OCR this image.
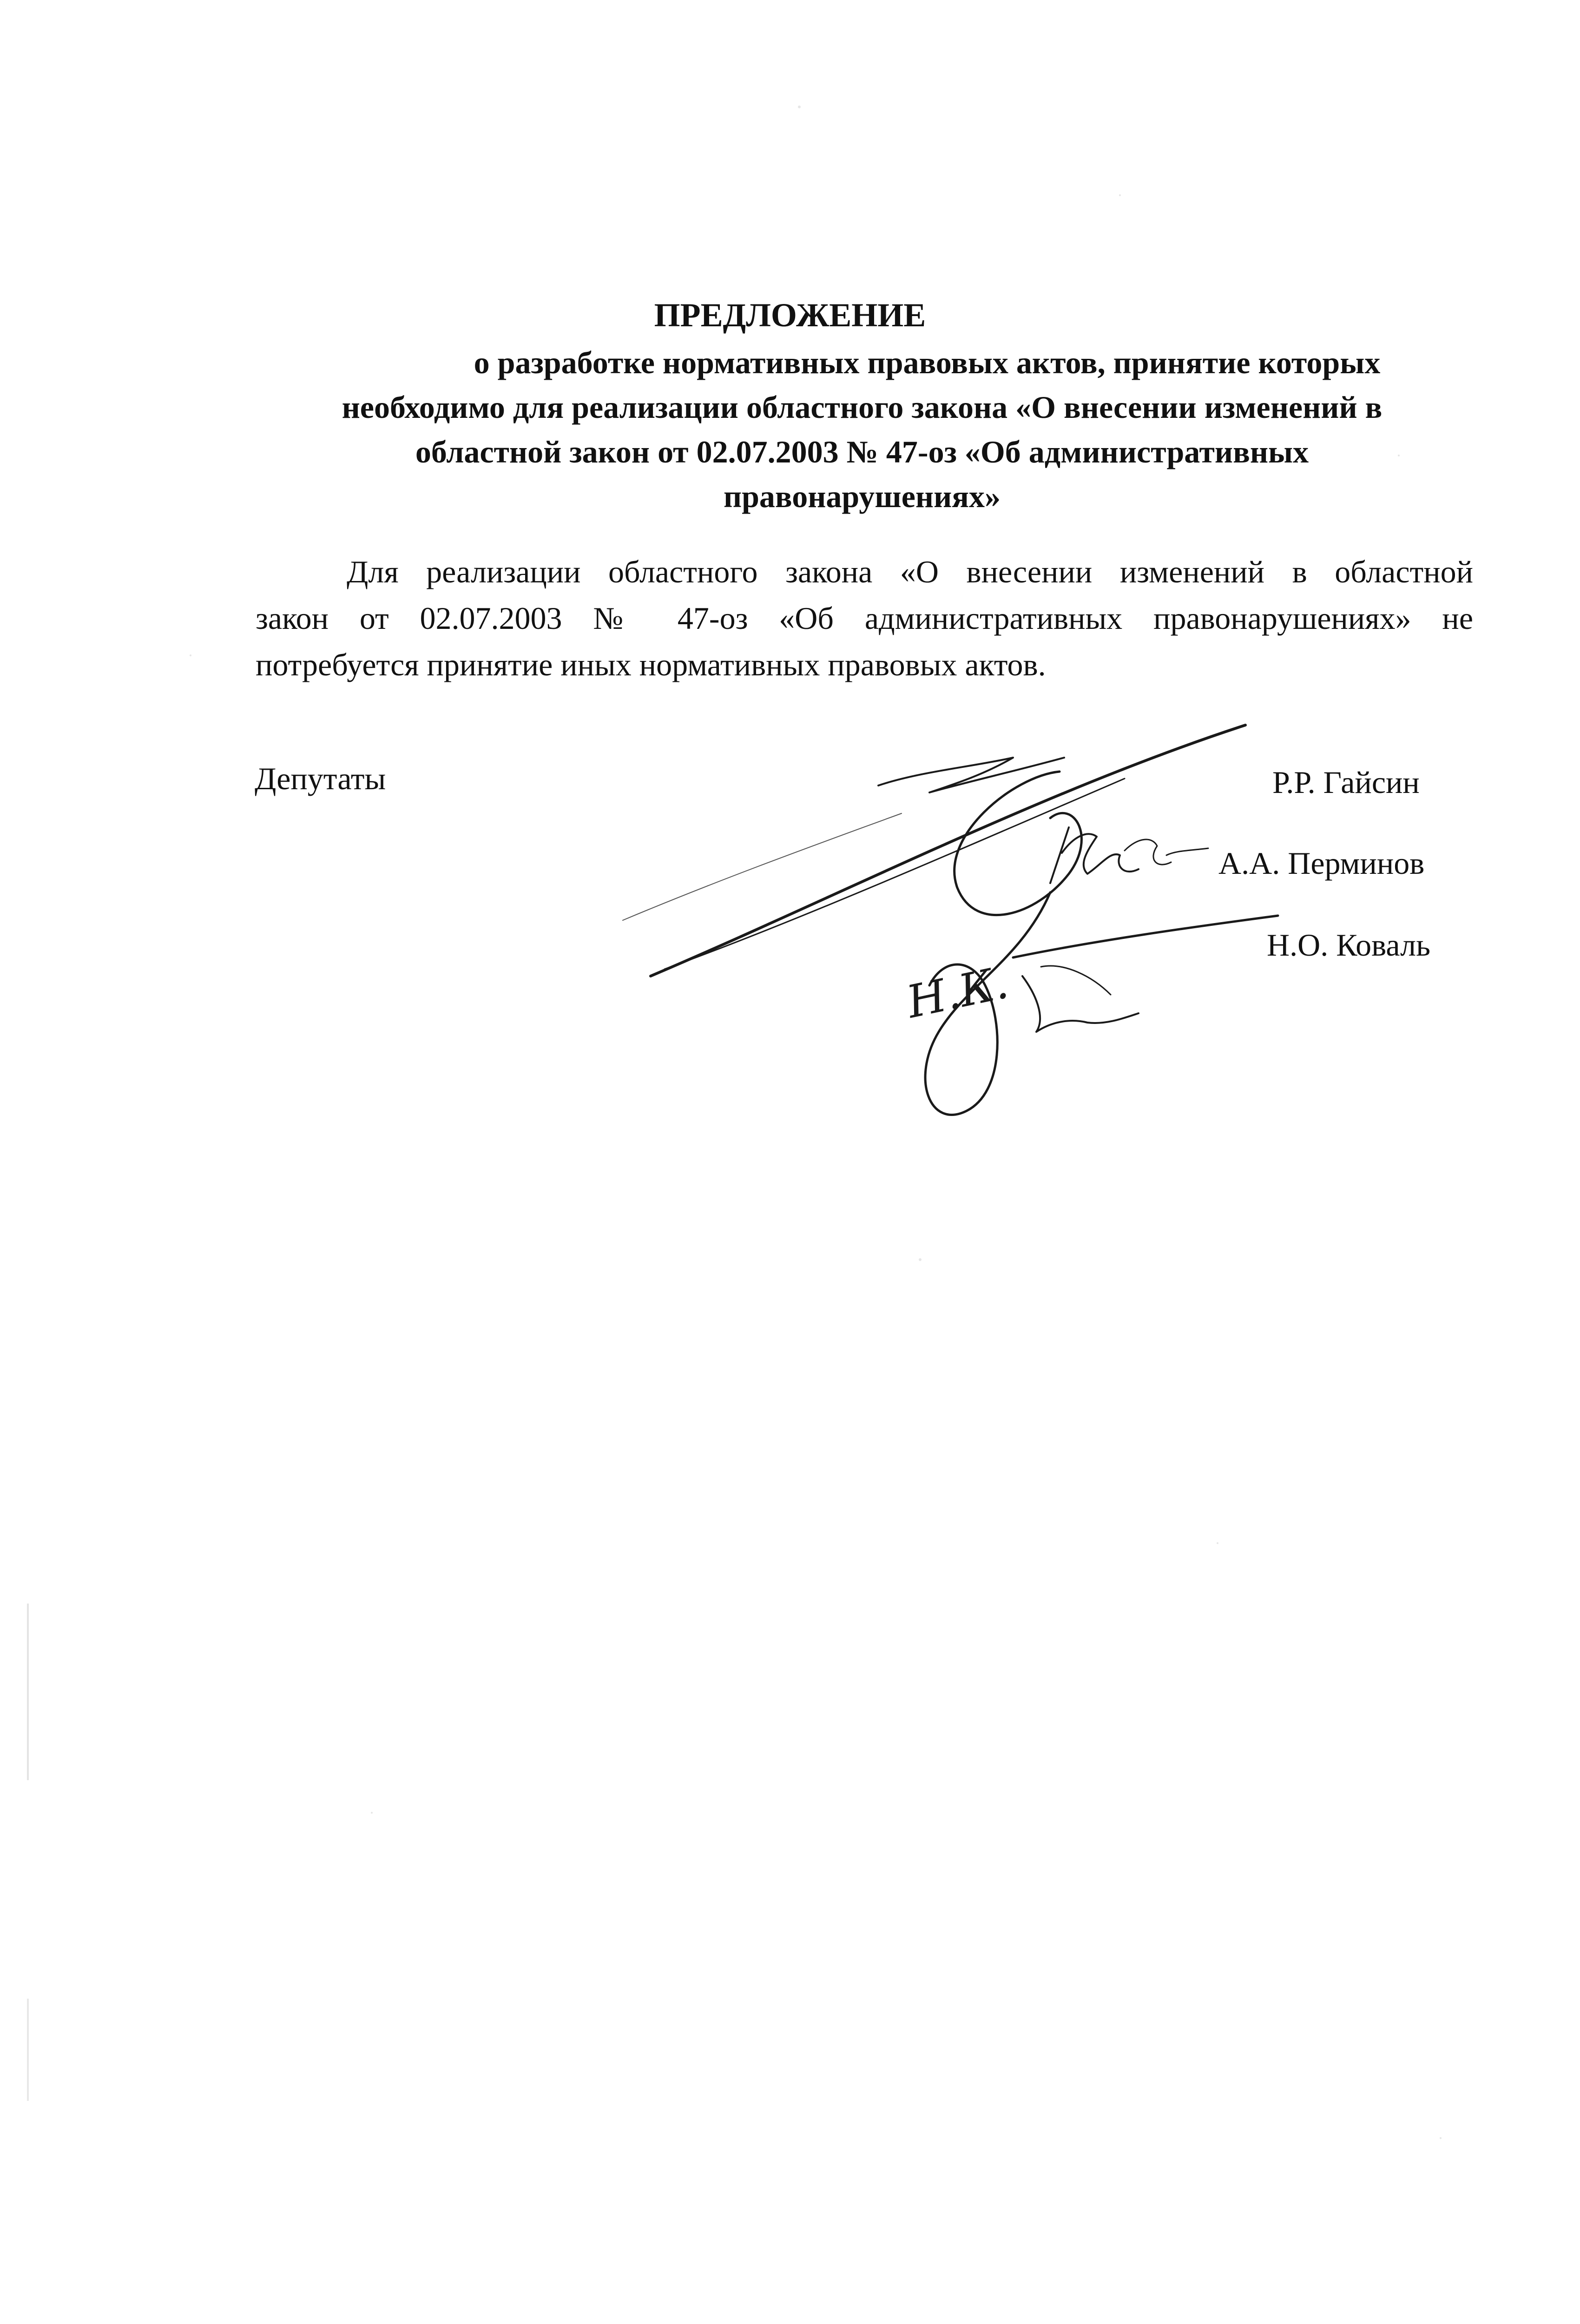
ПРЕДЛОЖЕНИЕ
о разработке нормативных правовых актов, принятие которых
необходимо для реализации областного закона «О внесении изменений в
областной закон от 02.07.2003 № 47-оз «Об административных
правонарушениях»
Для реализации областного закона «О внесении изменений в областной
закон от 02.07.2003 № 47-оз «Об административных правонарушениях» не
потребуется принятие иных нормативных правовых актов.
Депутаты	Р.Р. Гайсин
А.А. Перминов
Н.О. Коваль
Н.К.
